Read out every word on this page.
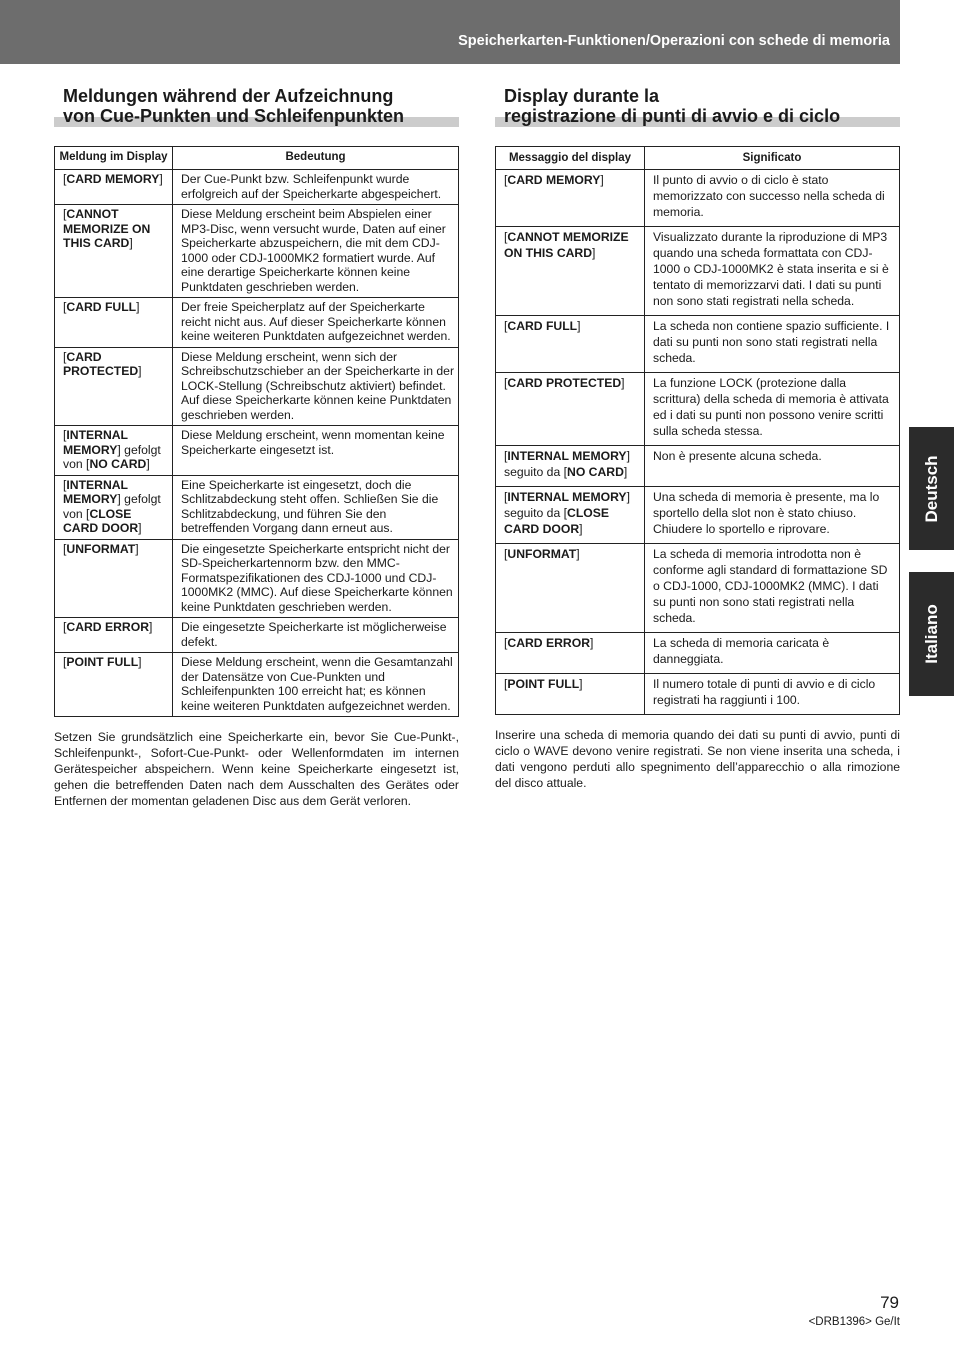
Speicherkarten-Funktionen/Operazioni con schede di memoria
Meldungen während der Aufzeichnung
von Cue-Punkten und Schleifenpunkten
Meldung im Display	Bedeutung
[CARD MEMORY]	Der Cue-Punkt bzw. Schleifenpunkt wurde erfolgreich auf der Speicherkarte abgespeichert.
[CANNOT MEMORIZE ON THIS CARD]	Diese Meldung erscheint beim Abspielen einer MP3-Disc, wenn versucht wurde, Daten auf einer Speicherkarte abzuspeichern, die mit dem CDJ-1000 oder CDJ-1000MK2 formatiert wurde. Auf eine derartige Speicherkarte können keine Punktdaten geschrieben werden.
[CARD FULL]	Der freie Speicherplatz auf der Speicherkarte reicht nicht aus. Auf dieser Speicherkarte können keine weiteren Punktdaten aufgezeichnet werden.
[CARD PROTECTED]	Diese Meldung erscheint, wenn sich der Schreibschutzschieber an der Speicherkarte in der LOCK-Stellung (Schreibschutz aktiviert) befindet. Auf diese Speicherkarte können keine Punktdaten geschrieben werden.
[INTERNAL MEMORY] gefolgt von [NO CARD]	Diese Meldung erscheint, wenn momentan keine Speicherkarte eingesetzt ist.
[INTERNAL MEMORY] gefolgt von [CLOSE CARD DOOR]	Eine Speicherkarte ist eingesetzt, doch die Schlitzabdeckung steht offen. Schließen Sie die Schlitzabdeckung, und führen Sie den betreffenden Vorgang dann erneut aus.
[UNFORMAT]	Die eingesetzte Speicherkarte entspricht nicht der SD-Speicherkartennorm bzw. den MMC-Formatspezifikationen des CDJ-1000 und CDJ-1000MK2 (MMC). Auf diese Speicherkarte können keine Punktdaten geschrieben werden.
[CARD ERROR]	Die eingesetzte Speicherkarte ist möglicherweise defekt.
[POINT FULL]	Diese Meldung erscheint, wenn die Gesamtanzahl der Datensätze von Cue-Punkten und Schleifenpunkten 100 erreicht hat; es können keine weiteren Punktdaten aufgezeichnet werden.

Setzen Sie grundsätzlich eine Speicherkarte ein, bevor Sie Cue-Punkt-, Schleifenpunkt-, Sofort-Cue-Punkt- oder Wellenformdaten im internen Gerätespeicher abspeichern. Wenn keine Speicherkarte eingesetzt ist, gehen die betreffenden Daten nach dem Ausschalten des Gerätes oder Entfernen der momentan geladenen Disc aus dem Gerät verloren.

Display durante la
registrazione di punti di avvio e di ciclo
Messaggio del display	Significato
[CARD MEMORY]	Il punto di avvio o di ciclo è stato memorizzato con successo nella scheda di memoria.
[CANNOT MEMORIZE ON THIS CARD]	Visualizzato durante la riproduzione di MP3 quando una scheda formattata con CDJ-1000 o CDJ-1000MK2 è stata inserita e si è tentato di memorizzarvi dati. I dati su punti non sono stati registrati nella scheda.
[CARD FULL]	La scheda non contiene spazio sufficiente. I dati su punti non sono stati registrati nella scheda.
[CARD PROTECTED]	La funzione LOCK (protezione dalla scrittura) della scheda di memoria è attivata ed i dati su punti non possono venire scritti sulla scheda stessa.
[INTERNAL MEMORY] seguito da [NO CARD]	Non è presente alcuna scheda.
[INTERNAL MEMORY] seguito da [CLOSE CARD DOOR]	Una scheda di memoria è presente, ma lo sportello della slot non è stato chiuso. Chiudere lo sportello e riprovare.
[UNFORMAT]	La scheda di memoria introdotta non è conforme agli standard di formattazione SD o CDJ-1000, CDJ-1000MK2 (MMC). I dati su punti non sono stati registrati nella scheda.
[CARD ERROR]	La scheda di memoria caricata è danneggiata.
[POINT FULL]	Il numero totale di punti di avvio e di ciclo registrati ha raggiunti i 100.

Inserire una scheda di memoria quando dei dati su punti di avvio, punti di ciclo o WAVE devono venire registrati. Se non viene inserita una scheda, i dati vengono perduti allo spegnimento dell’apparecchio o alla rimozione del disco attuale.

Deutsch
Italiano
79
<DRB1396> Ge/It
